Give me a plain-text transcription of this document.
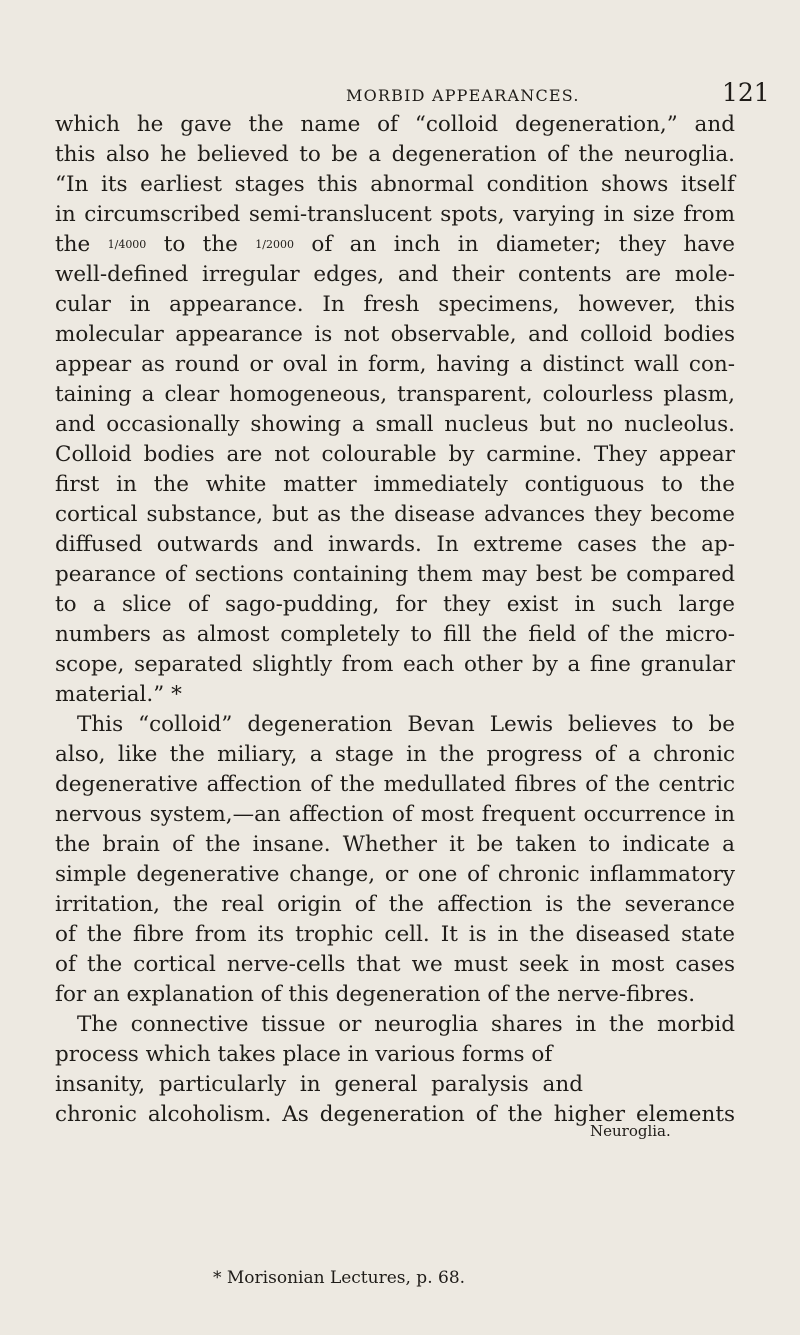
MORBID APPEARANCES.	121
which he gave the name of “colloid degeneration,” and
this also he believed to be a degeneration of the neuroglia.
“In its earliest stages this abnormal condition shows itself
in circumscribed semi-translucent spots, varying in size from
the 1/4000 to the 1/2000 of an inch in diameter; they have
well-defined irregular edges, and their contents are mole-
cular in appearance. In fresh specimens, however, this
molecular appearance is not observable, and colloid bodies
appear as round or oval in form, having a distinct wall con-
taining a clear homogeneous, transparent, colourless plasm,
and occasionally showing a small nucleus but no nucleolus.
Colloid bodies are not colourable by carmine. They appear
first in the white matter immediately contiguous to the
cortical substance, but as the disease advances they become
diffused outwards and inwards. In extreme cases the ap-
pearance of sections containing them may best be compared
to a slice of sago-pudding, for they exist in such large
numbers as almost completely to fill the field of the micro-
scope, separated slightly from each other by a fine granular
material.” *
This “colloid” degeneration Bevan Lewis believes to be
also, like the miliary, a stage in the progress of a chronic
degenerative affection of the medullated fibres of the centric
nervous system,—an affection of most frequent occurrence in
the brain of the insane. Whether it be taken to indicate a
simple degenerative change, or one of chronic inflammatory
irritation, the real origin of the affection is the severance
of the fibre from its trophic cell. It is in the diseased state
of the cortical nerve-cells that we must seek in most cases
for an explanation of this degeneration of the nerve-fibres.
The connective tissue or neuroglia shares in the morbid
process which takes place in various forms of
insanity, particularly in general paralysis and
chronic alcoholism. As degeneration of the higher elements
Neuroglia.
* Morisonian Lectures, p. 68.
